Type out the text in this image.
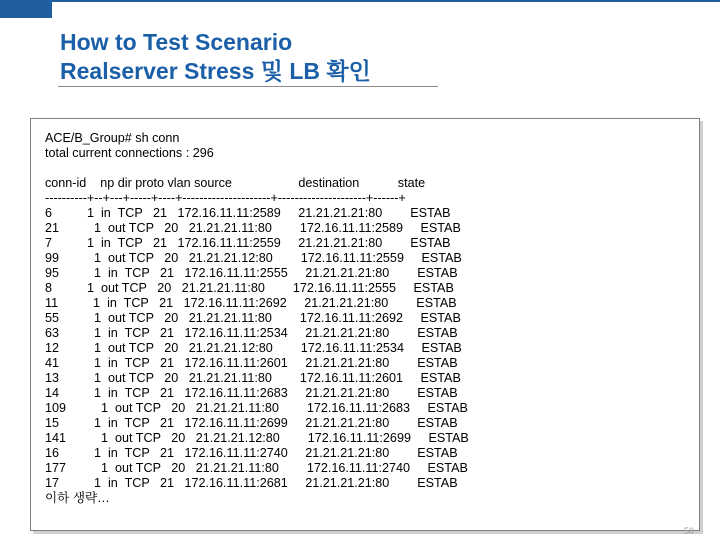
How to Test Scenario
Realserver Stress 및 LB 확인
ACE/B_Group# sh conn
total current connections : 296
conn-id    np dir proto vlan source                   destination           state
----------+--+---+-----+----+---------------------+---------------------+------+
6          1  in  TCP   21   172.16.11.11:2589     21.21.21.21:80        ESTAB
21          1  out TCP   20   21.21.21.11:80        172.16.11.11:2589     ESTAB
7          1  in  TCP   21   172.16.11.11:2559     21.21.21.21:80        ESTAB
99          1  out TCP   20   21.21.21.12:80        172.16.11.11:2559     ESTAB
95          1  in  TCP   21   172.16.11.11:2555     21.21.21.21:80        ESTAB
8          1  out TCP   20   21.21.21.11:80        172.16.11.11:2555     ESTAB
11          1  in  TCP   21   172.16.11.11:2692     21.21.21.21:80        ESTAB
55          1  out TCP   20   21.21.21.11:80        172.16.11.11:2692     ESTAB
63          1  in  TCP   21   172.16.11.11:2534     21.21.21.21:80        ESTAB
12          1  out TCP   20   21.21.21.12:80        172.16.11.11:2534     ESTAB
41          1  in  TCP   21   172.16.11.11:2601     21.21.21.21:80        ESTAB
13          1  out TCP   20   21.21.21.11:80        172.16.11.11:2601     ESTAB
14          1  in  TCP   21   172.16.11.11:2683     21.21.21.21:80        ESTAB
109          1  out TCP   20   21.21.21.11:80        172.16.11.11:2683     ESTAB
15          1  in  TCP   21   172.16.11.11:2699     21.21.21.21:80        ESTAB
141          1  out TCP   20   21.21.21.12:80        172.16.11.11:2699     ESTAB
16          1  in  TCP   21   172.16.11.11:2740     21.21.21.21:80        ESTAB
177          1  out TCP   20   21.21.21.11:80        172.16.11.11:2740     ESTAB
17          1  in  TCP   21   172.16.11.11:2681     21.21.21.21:80        ESTAB
이하 생략…
50
